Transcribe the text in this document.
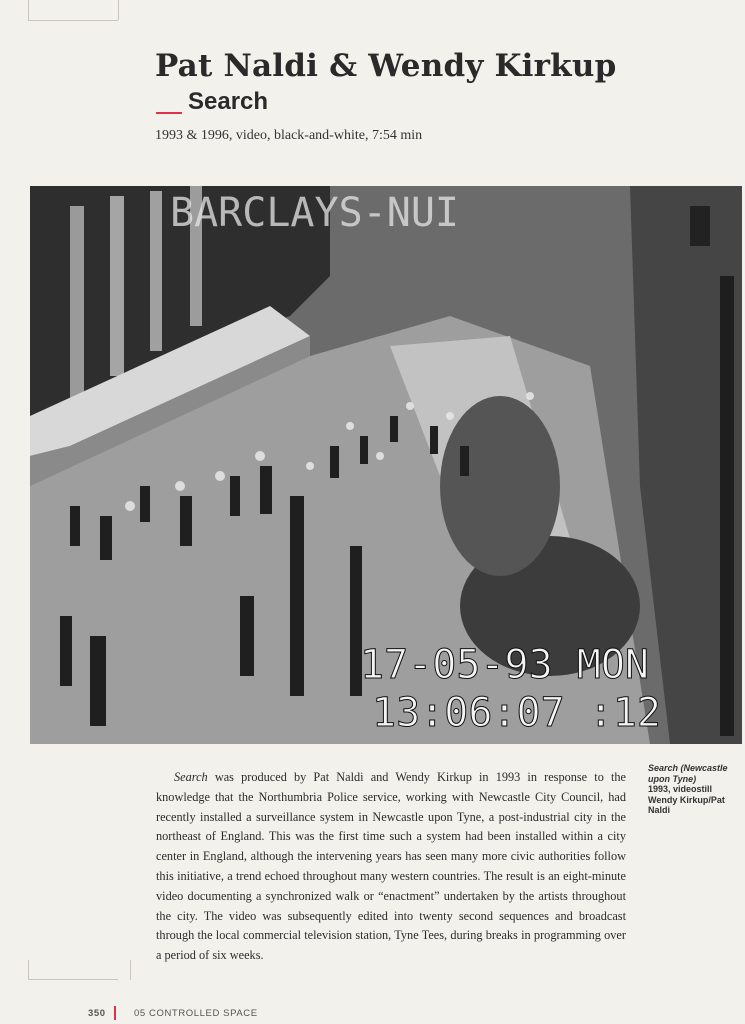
Pat Naldi & Wendy Kirkup
Search

1993 & 1996, video, black-and-white, 7:54 min

BARCLAYS-NUI
17-05-93 MON
13:06:07 :12
Search (Newcastle upon Tyne)
1993, videostill
Wendy Kirkup/Pat Naldi

Search was produced by Pat Naldi and Wendy Kirkup in 1993 in response to the knowledge that the Northumbria Police service, working with Newcastle City Council, had recently installed a surveillance system in Newcastle upon Tyne, a post-industrial city in the northeast of England. This was the first time such a system had been installed within a city center in England, although the intervening years has seen many more civic authorities follow this initiative, a trend echoed throughout many western countries. The result is an eight-minute video documenting a synchronized walk or “enactment” undertaken by the artists throughout the city. The video was subsequently edited into twenty second sequences and broadcast through the local commercial television station, Tyne Tees, during breaks in programming over a period of six weeks.

350	05 CONTROLLED SPACE
